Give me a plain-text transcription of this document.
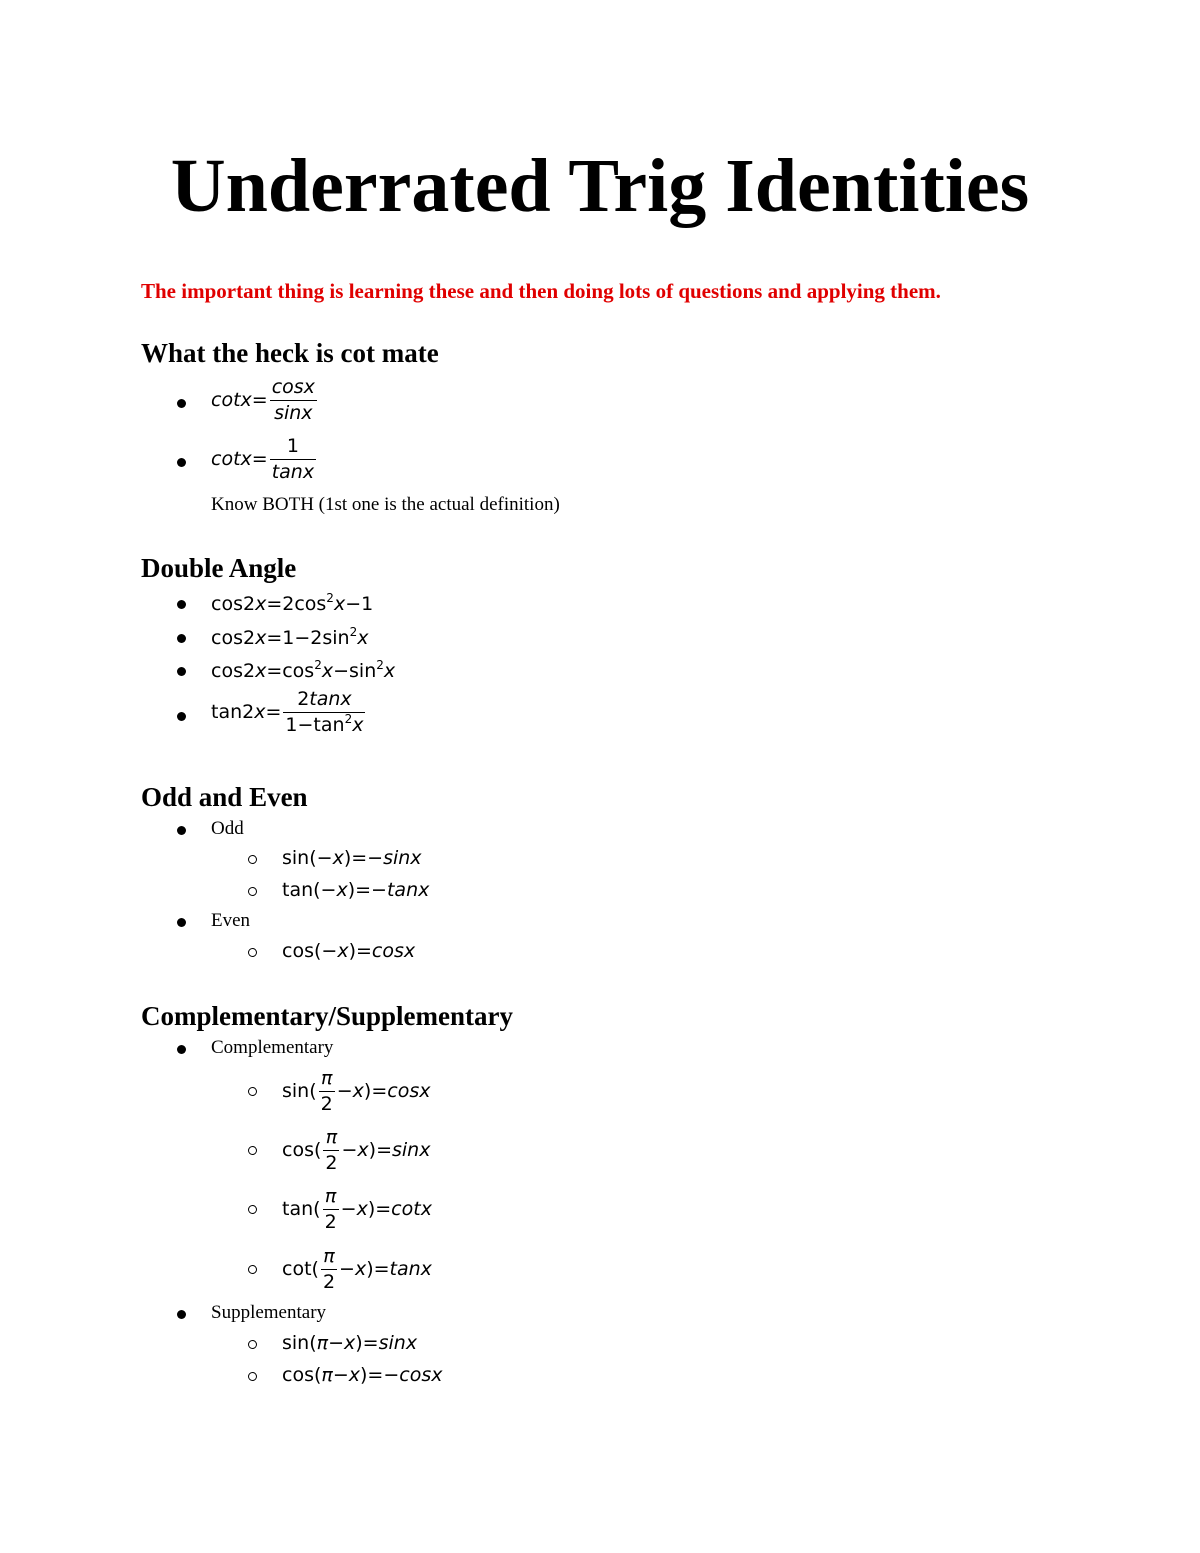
Underrated Trig Identities
The important thing is learning these and then doing lots of questions and applying them.
What the heck is cot mate
$\cot x= \frac{\cos x}{\sin x}$
$\cot x= \frac{1}{\tan x}$
Know BOTH (1st one is the actual definition)
Double Angle
$\cos 2x=2\cos^2x-1$
$\cos 2x=1-2\sin^2x$
$\cos 2x=\cos^2x-\sin^2x$
$\tan 2x= \frac{2\tan x}{1-\tan^2x}$
Odd and Even
Odd
sin(−x)=−sinx
tan(−x)=−tanx
Even
cos(−x)=cosx
Complementary/Supplementary
Complementary
$\sin( \frac{\pi}{2} -x)=\cos x$
$\cos( \frac{\pi}{2} -x)=\sin x$
$\tan( \frac{\pi}{2} -x)=\cot x$
$\cot( \frac{\pi}{2} -x)=\tan x$
Supplementary
sin(π−x)=sinx
cos(π−x)=−cosx
